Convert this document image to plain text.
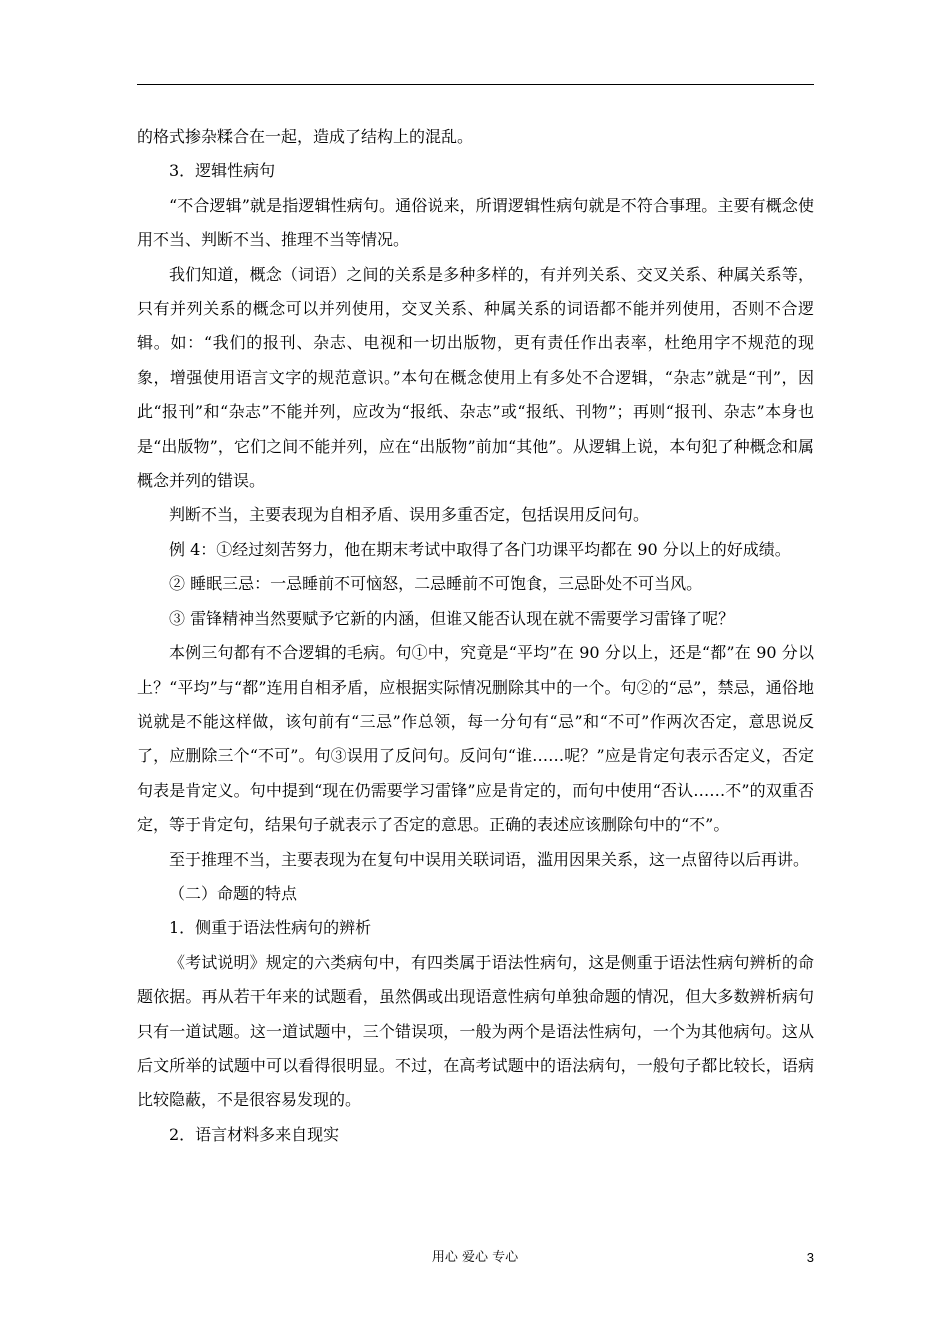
的格式掺杂糅合在一起，造成了结构上的混乱。

3．逻辑性病句

“不合逻辑”就是指逻辑性病句。通俗说来，所谓逻辑性病句就是不符合事理。主要有概念使用不当、判断不当、推理不当等情况。

我们知道，概念（词语）之间的关系是多种多样的，有并列关系、交叉关系、种属关系等，只有并列关系的概念可以并列使用，交叉关系、种属关系的词语都不能并列使用，否则不合逻辑。如：“我们的报刊、杂志、电视和一切出版物，更有责任作出表率，杜绝用字不规范的现象，增强使用语言文字的规范意识。”本句在概念使用上有多处不合逻辑，“杂志”就是“刊”，因此“报刊”和“杂志”不能并列，应改为“报纸、杂志”或“报纸、刊物”；再则“报刊、杂志”本身也是“出版物”，它们之间不能并列，应在“出版物”前加“其他”。从逻辑上说，本句犯了种概念和属概念并列的错误。

判断不当，主要表现为自相矛盾、误用多重否定，包括误用反问句。

例 4：①经过刻苦努力，他在期末考试中取得了各门功课平均都在 90 分以上的好成绩。

② 睡眠三忌：一忌睡前不可恼怒，二忌睡前不可饱食，三忌卧处不可当风。

③ 雷锋精神当然要赋予它新的内涵，但谁又能否认现在就不需要学习雷锋了呢？

本例三句都有不合逻辑的毛病。句①中，究竟是“平均”在 90 分以上，还是“都”在 90 分以上？“平均”与“都”连用自相矛盾，应根据实际情况删除其中的一个。句②的“忌”，禁忌，通俗地说就是不能这样做，该句前有“三忌”作总领，每一分句有“忌”和“不可”作两次否定，意思说反了，应删除三个“不可”。句③误用了反问句。反问句“谁……呢？”应是肯定句表示否定义，否定句表是肯定义。句中提到“现在仍需要学习雷锋”应是肯定的，而句中使用“否认……不”的双重否定，等于肯定句，结果句子就表示了否定的意思。正确的表述应该删除句中的“不”。

至于推理不当，主要表现为在复句中误用关联词语，滥用因果关系，这一点留待以后再讲。

（二）命题的特点

1．侧重于语法性病句的辨析

《考试说明》规定的六类病句中，有四类属于语法性病句，这是侧重于语法性病句辨析的命题依据。再从若干年来的试题看，虽然偶或出现语意性病句单独命题的情况，但大多数辨析病句只有一道试题。这一道试题中，三个错误项，一般为两个是语法性病句，一个为其他病句。这从后文所举的试题中可以看得很明显。不过，在高考试题中的语法病句，一般句子都比较长，语病比较隐蔽，不是很容易发现的。

2．语言材料多来自现实

用心 爱心 专心	3
